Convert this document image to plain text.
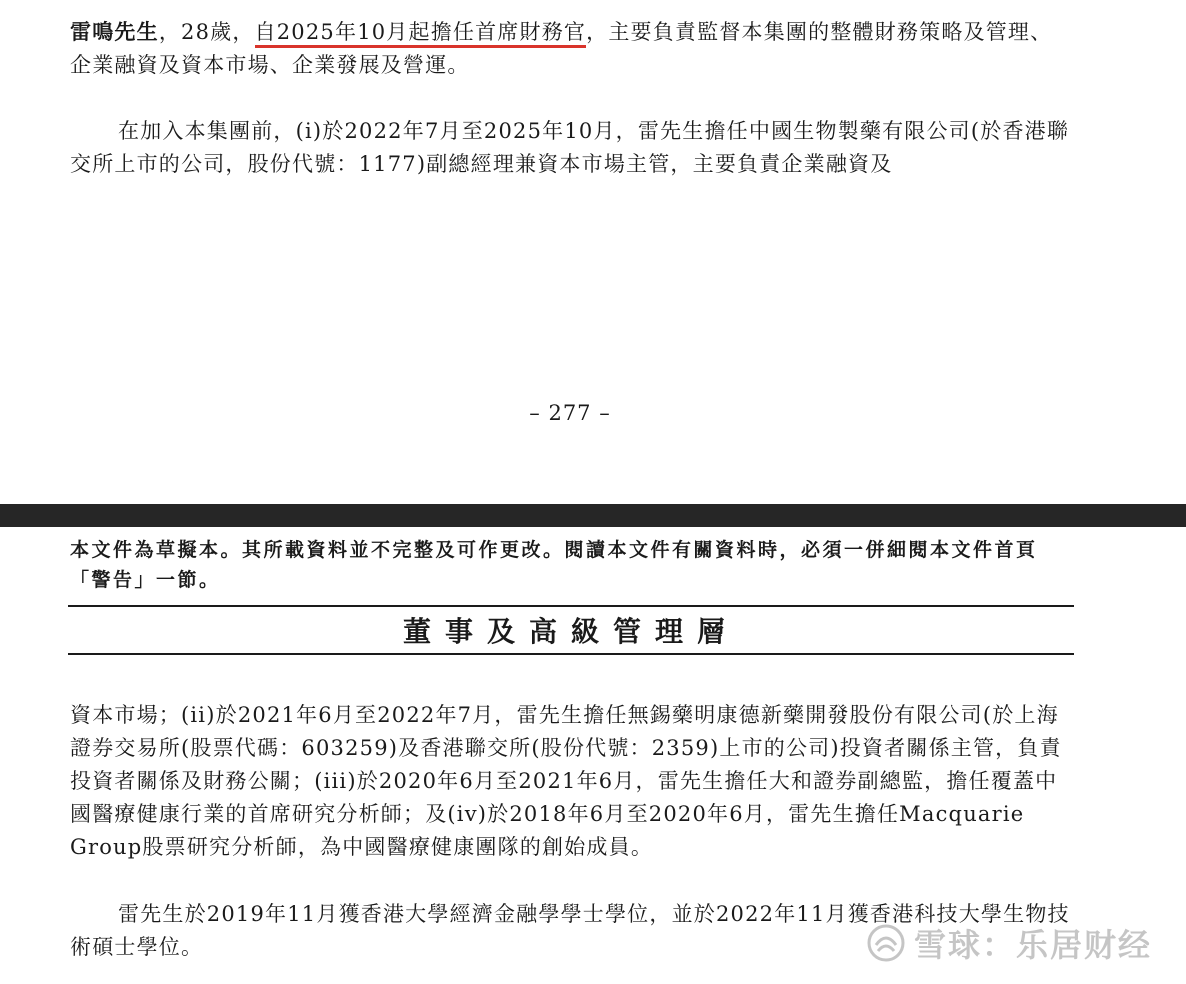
雷鳴先生，28歲，自2025年10月起擔任首席財務官，主要負責監督本集團的整體財務策略及管理、企業融資及資本市場、企業發展及營運。

在加入本集團前，(i)於2022年7月至2025年10月，雷先生擔任中國生物製藥有限公司(於香港聯交所上市的公司，股份代號：1177)副總經理兼資本市場主管，主要負責企業融資及

– 277 –

本文件為草擬本。其所載資料並不完整及可作更改。閱讀本文件有關資料時，必須一併細閱本文件首頁「警告」一節。

董事及高級管理層

資本市場；(ii)於2021年6月至2022年7月，雷先生擔任無錫藥明康德新藥開發股份有限公司(於上海證券交易所(股票代碼：603259)及香港聯交所(股份代號：2359)上市的公司)投資者關係主管，負責投資者關係及財務公關；(iii)於2020年6月至2021年6月，雷先生擔任大和證券副總監，擔任覆蓋中國醫療健康行業的首席研究分析師；及(iv)於2018年6月至2020年6月，雷先生擔任Macquarie Group股票研究分析師，為中國醫療健康團隊的創始成員。

雷先生於2019年11月獲香港大學經濟金融學學士學位，並於2022年11月獲香港科技大學生物技術碩士學位。	雪球：乐居财经
